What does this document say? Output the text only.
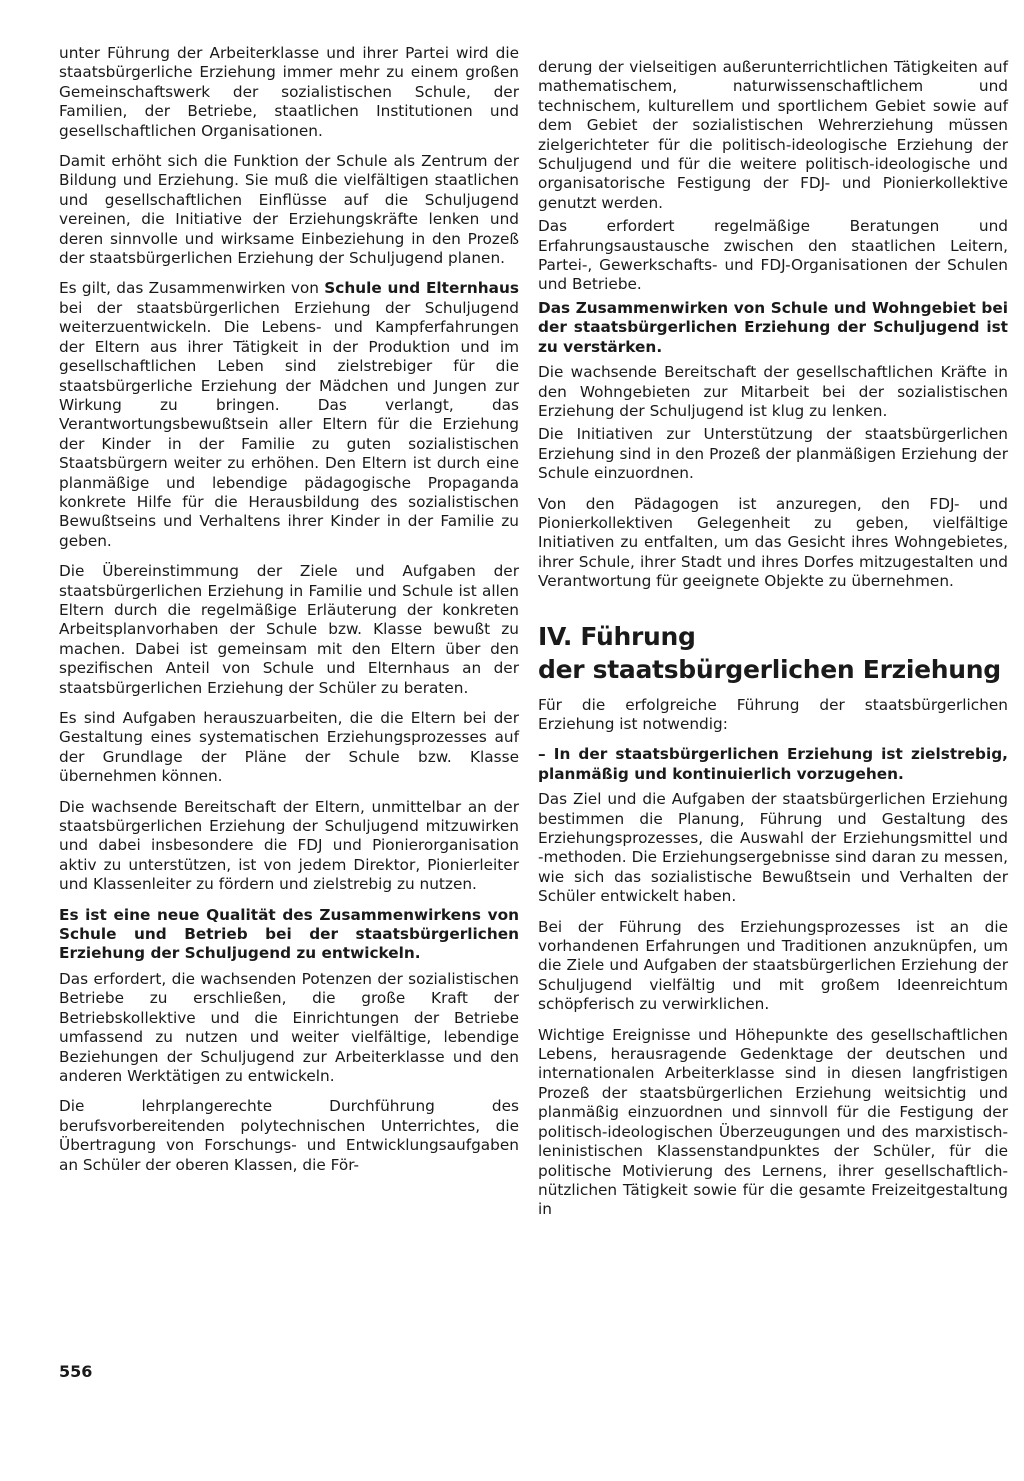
unter Führung der Arbeiterklasse und ihrer Partei wird die staatsbürgerliche Erziehung immer mehr zu einem großen Gemeinschaftswerk der sozialistischen Schule, der Familien, der Betriebe, staatlichen Institutionen und gesellschaftlichen Organisationen.

Damit erhöht sich die Funktion der Schule als Zentrum der Bildung und Erziehung. Sie muß die vielfältigen staatlichen und gesellschaftlichen Einflüsse auf die Schuljugend vereinen, die Initiative der Erziehungskräfte lenken und deren sinnvolle und wirksame Einbeziehung in den Prozeß der staatsbürgerlichen Erziehung der Schuljugend planen.

Es gilt, das Zusammenwirken von Schule und Elternhaus bei der staatsbürgerlichen Erziehung der Schuljugend weiterzuentwickeln. Die Lebens- und Kampferfahrungen der Eltern aus ihrer Tätigkeit in der Produktion und im gesellschaftlichen Leben sind zielstrebiger für die staatsbürgerliche Erziehung der Mädchen und Jungen zur Wirkung zu bringen. Das verlangt, das Verantwortungsbewußtsein aller Eltern für die Erziehung der Kinder in der Familie zu guten sozialistischen Staatsbürgern weiter zu erhöhen. Den Eltern ist durch eine planmäßige und lebendige pädagogische Propaganda konkrete Hilfe für die Herausbildung des sozialistischen Bewußtseins und Verhaltens ihrer Kinder in der Familie zu geben.

Die Übereinstimmung der Ziele und Aufgaben der staatsbürgerlichen Erziehung in Familie und Schule ist allen Eltern durch die regelmäßige Erläuterung der konkreten Arbeitsplanvorhaben der Schule bzw. Klasse bewußt zu machen. Dabei ist gemeinsam mit den Eltern über den spezifischen Anteil von Schule und Elternhaus an der staatsbürgerlichen Erziehung der Schüler zu beraten.

Es sind Aufgaben herauszuarbeiten, die die Eltern bei der Gestaltung eines systematischen Erziehungsprozesses auf der Grundlage der Pläne der Schule bzw. Klasse übernehmen können.

Die wachsende Bereitschaft der Eltern, unmittelbar an der staatsbürgerlichen Erziehung der Schuljugend mitzuwirken und dabei insbesondere die FDJ und Pionierorganisation aktiv zu unterstützen, ist von jedem Direktor, Pionierleiter und Klassenleiter zu fördern und zielstrebig zu nutzen.

Es ist eine neue Qualität des Zusammenwirkens von Schule und Betrieb bei der staatsbürgerlichen Erziehung der Schuljugend zu entwickeln.

Das erfordert, die wachsenden Potenzen der sozialistischen Betriebe zu erschließen, die große Kraft der Betriebskollektive und die Einrichtungen der Betriebe umfassend zu nutzen und weiter vielfältige, lebendige Beziehungen der Schuljugend zur Arbeiterklasse und den anderen Werktätigen zu entwickeln.

Die lehrplangerechte Durchführung des berufsvorbereitenden polytechnischen Unterrichtes, die Übertragung von Forschungs- und Entwicklungsaufgaben an Schüler der oberen Klassen, die För-

derung der vielseitigen außerunterrichtlichen Tätigkeiten auf mathematischem, naturwissenschaftlichem und technischem, kulturellem und sportlichem Gebiet sowie auf dem Gebiet der sozialistischen Wehrerziehung müssen zielgerichteter für die politisch-ideologische Erziehung der Schuljugend und für die weitere politisch-ideologische und organisatorische Festigung der FDJ- und Pionierkollektive genutzt werden.

Das erfordert regelmäßige Beratungen und Erfahrungsaustausche zwischen den staatlichen Leitern, Partei-, Gewerkschafts- und FDJ-Organisationen der Schulen und Betriebe.

Das Zusammenwirken von Schule und Wohngebiet bei der staatsbürgerlichen Erziehung der Schuljugend ist zu verstärken.

Die wachsende Bereitschaft der gesellschaftlichen Kräfte in den Wohngebieten zur Mitarbeit bei der sozialistischen Erziehung der Schuljugend ist klug zu lenken.

Die Initiativen zur Unterstützung der staatsbürgerlichen Erziehung sind in den Prozeß der planmäßigen Erziehung der Schule einzuordnen.

Von den Pädagogen ist anzuregen, den FDJ- und Pionierkollektiven Gelegenheit zu geben, vielfältige Initiativen zu entfalten, um das Gesicht ihres Wohngebietes, ihrer Schule, ihrer Stadt und ihres Dorfes mitzugestalten und Verantwortung für geeignete Objekte zu übernehmen.

IV. Führung
der staatsbürgerlichen Erziehung

Für die erfolgreiche Führung der staatsbürgerlichen Erziehung ist notwendig:

– In der staatsbürgerlichen Erziehung ist zielstrebig, planmäßig und kontinuierlich vorzugehen.

Das Ziel und die Aufgaben der staatsbürgerlichen Erziehung bestimmen die Planung, Führung und Gestaltung des Erziehungsprozesses, die Auswahl der Erziehungsmittel und -methoden. Die Erziehungsergebnisse sind daran zu messen, wie sich das sozialistische Bewußtsein und Verhalten der Schüler entwickelt haben.

Bei der Führung des Erziehungsprozesses ist an die vorhandenen Erfahrungen und Traditionen anzuknüpfen, um die Ziele und Aufgaben der staatsbürgerlichen Erziehung der Schuljugend vielfältig und mit großem Ideenreichtum schöpferisch zu verwirklichen.

Wichtige Ereignisse und Höhepunkte des gesellschaftlichen Lebens, herausragende Gedenktage der deutschen und internationalen Arbeiterklasse sind in diesen langfristigen Prozeß der staatsbürgerlichen Erziehung weitsichtig und planmäßig einzuordnen und sinnvoll für die Festigung der politisch-ideologischen Überzeugungen und des marxistisch-leninistischen Klassenstandpunktes der Schüler, für die politische Motivierung des Lernens, ihrer gesellschaftlich-nützlichen Tätigkeit sowie für die gesamte Freizeitgestaltung in

556
